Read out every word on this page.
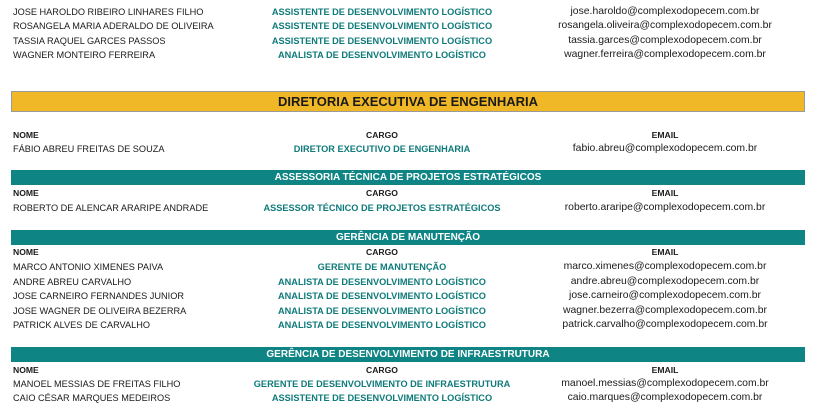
JOSE HAROLDO RIBEIRO LINHARES FILHO	ASSISTENTE DE DESENVOLVIMENTO LOGÍSTICO	jose.haroldo@complexodopecem.com.br
ROSANGELA MARIA ADERALDO DE OLIVEIRA	ASSISTENTE DE DESENVOLVIMENTO LOGÍSTICO	rosangela.oliveira@complexodopecem.com.br
TASSIA RAQUEL GARCES PASSOS	ASSISTENTE DE DESENVOLVIMENTO LOGÍSTICO	tassia.garces@complexodopecem.com.br
WAGNER MONTEIRO FERREIRA	ANALISTA DE DESENVOLVIMENTO LOGÍSTICO	wagner.ferreira@complexodopecem.com.br
DIRETORIA EXECUTIVA DE ENGENHARIA
NOME	CARGO	EMAIL
FÁBIO ABREU FREITAS DE SOUZA	DIRETOR EXECUTIVO DE ENGENHARIA	fabio.abreu@complexodopecem.com.br
ASSESSORIA TÉCNICA DE PROJETOS ESTRATÉGICOS
NOME	CARGO	EMAIL
ROBERTO DE ALENCAR ARARIPE ANDRADE	ASSESSOR TÉCNICO DE PROJETOS ESTRATÉGICOS	roberto.araripe@complexodopecem.com.br
GERÊNCIA DE MANUTENÇÃO
NOME	CARGO	EMAIL
MARCO ANTONIO XIMENES PAIVA	GERENTE DE MANUTENÇÃO	marco.ximenes@complexodopecem.com.br
ANDRE ABREU CARVALHO	ANALISTA DE DESENVOLVIMENTO LOGÍSTICO	andre.abreu@complexodopecem.com.br
JOSE CARNEIRO FERNANDES JUNIOR	ANALISTA DE DESENVOLVIMENTO LOGÍSTICO	jose.carneiro@complexodopecem.com.br
JOSE WAGNER DE OLIVEIRA BEZERRA	ANALISTA DE DESENVOLVIMENTO LOGÍSTICO	wagner.bezerra@complexodopecem.com.br
PATRICK ALVES DE CARVALHO	ANALISTA DE DESENVOLVIMENTO LOGÍSTICO	patrick.carvalho@complexodopecem.com.br
GERÊNCIA DE DESENVOLVIMENTO DE INFRAESTRUTURA
NOME	CARGO	EMAIL
MANOEL MESSIAS DE FREITAS FILHO	GERENTE DE DESENVOLVIMENTO DE INFRAESTRUTURA	manoel.messias@complexodopecem.com.br
CAIO CÉSAR MARQUES MEDEIROS	ASSISTENTE DE DESENVOLVIMENTO LOGÍSTICO	caio.marques@complexodopecem.com.br
